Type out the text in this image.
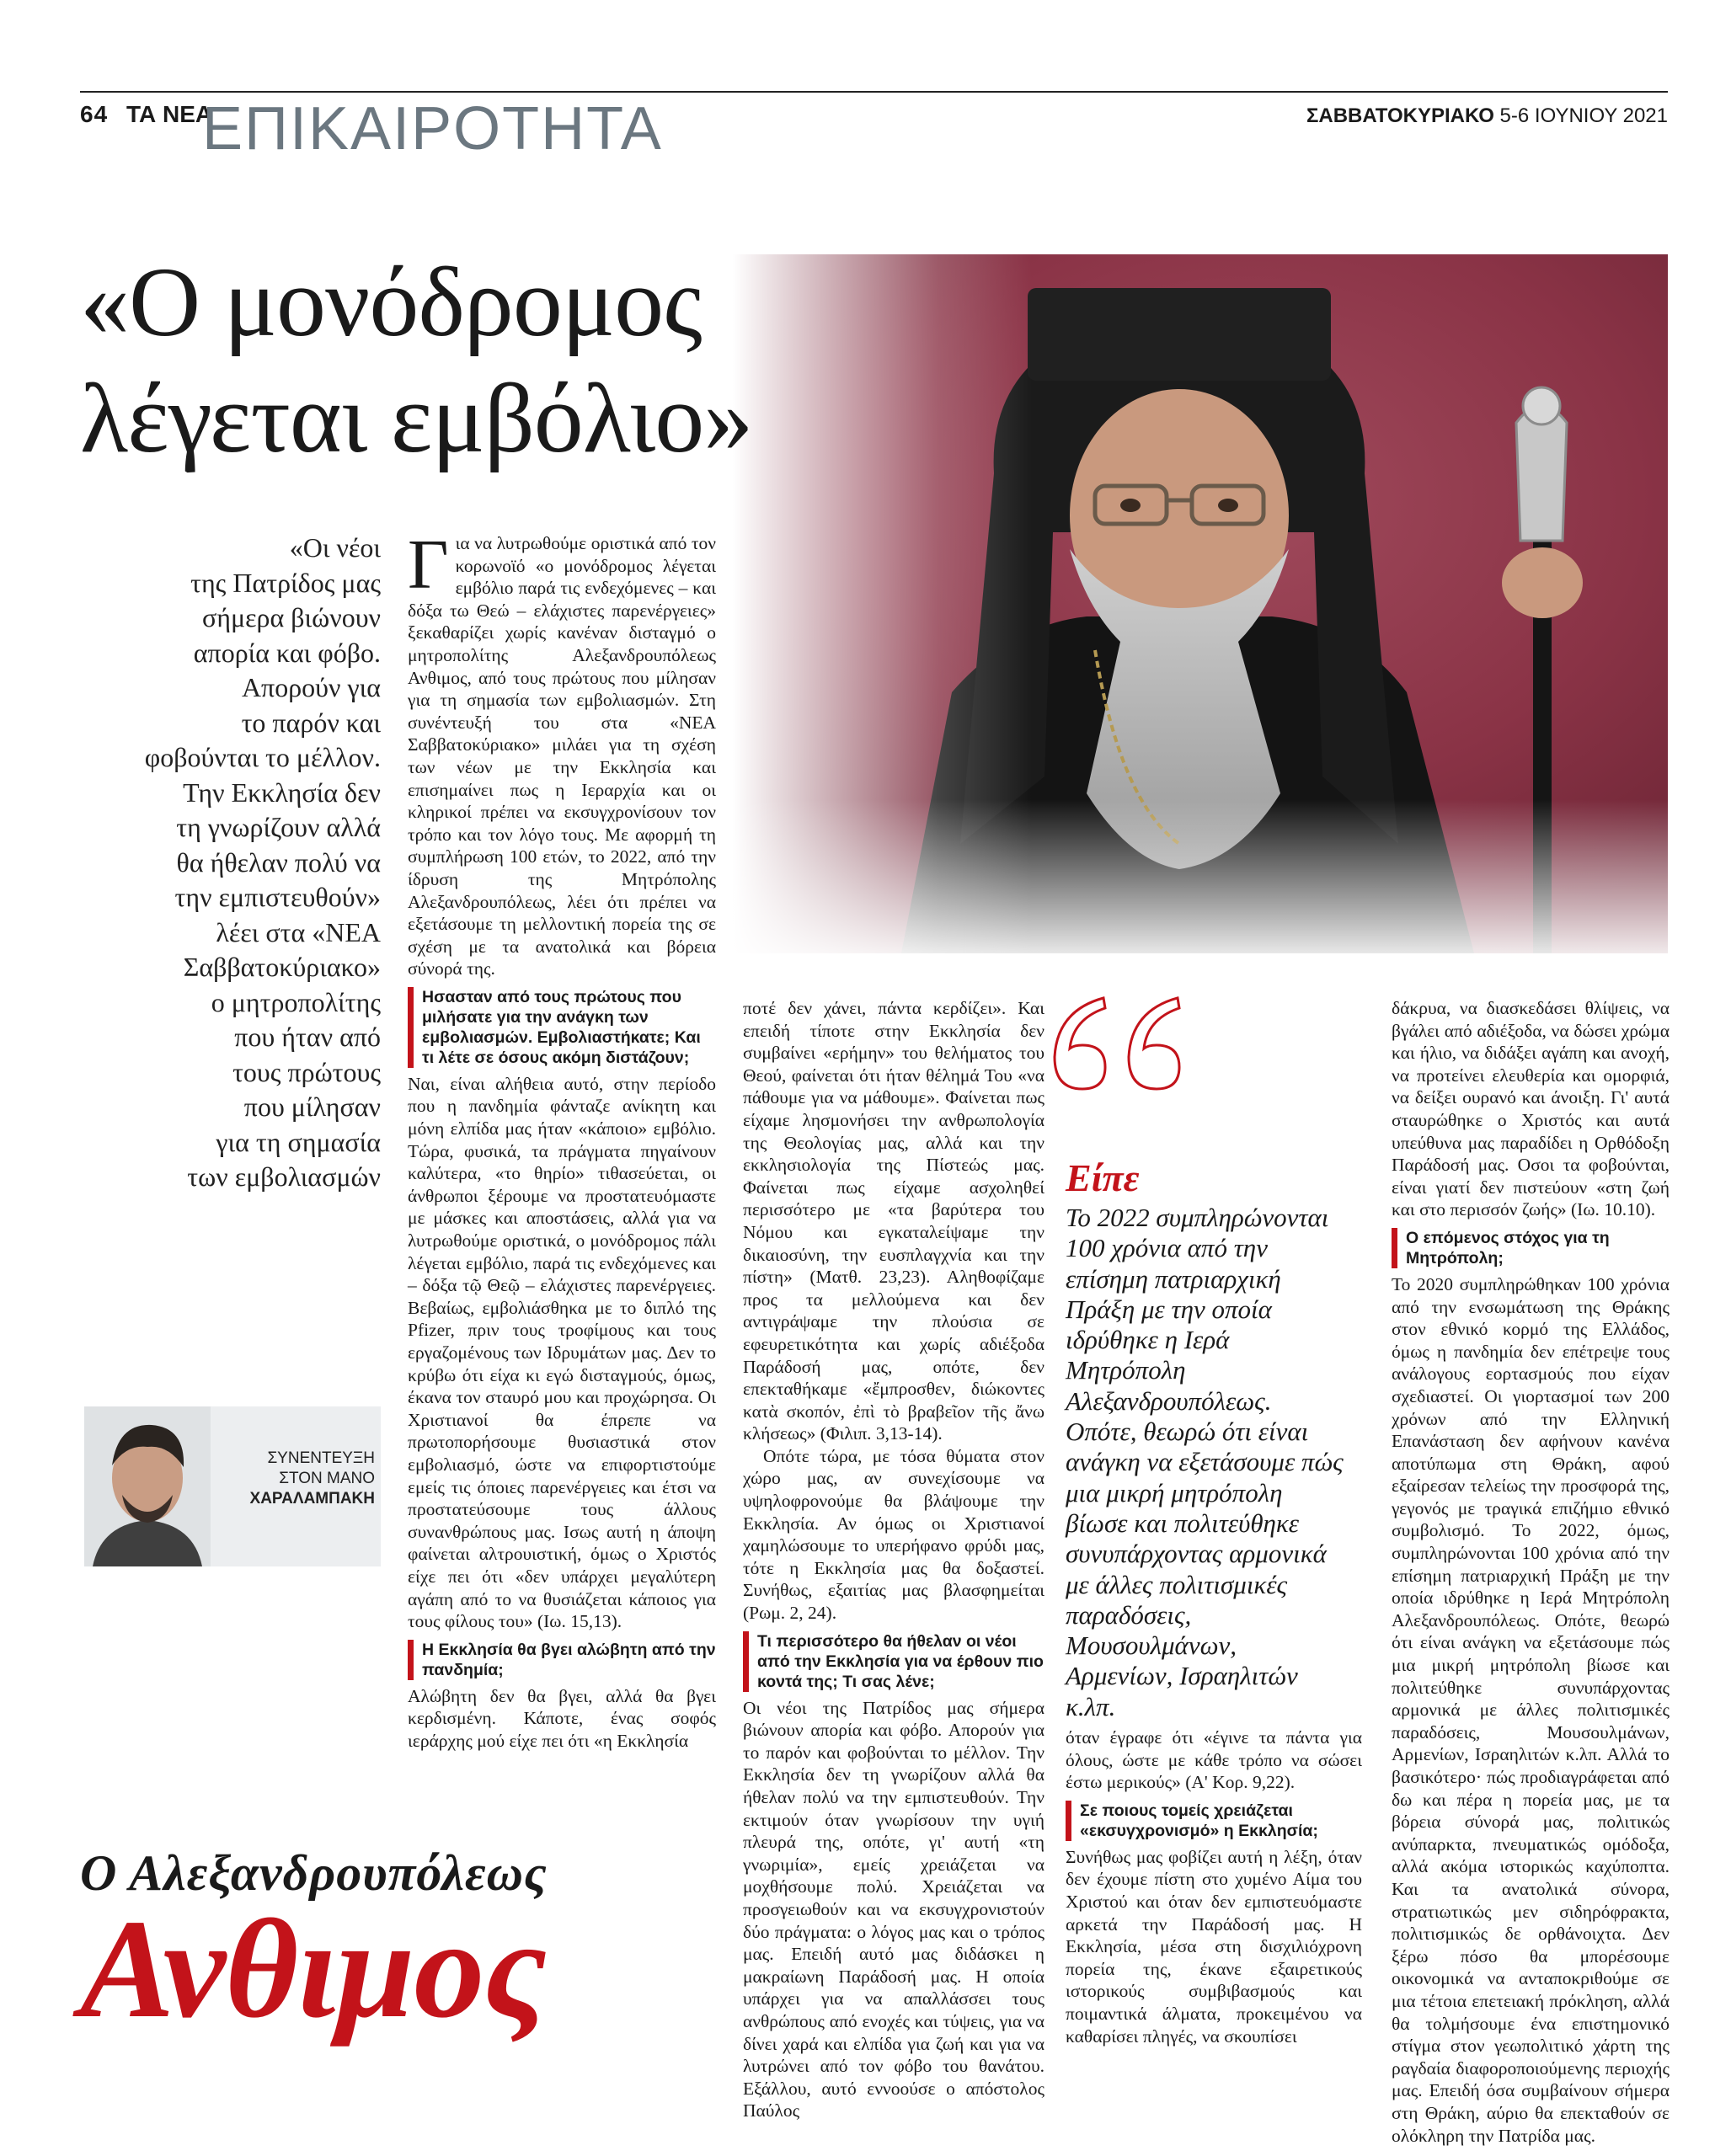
64 ΤΑ ΝΕΑ
ΕΠΙΚΑΙΡΟΤΗΤΑ	ΣΑΒΒΑΤΟΚΥΡΙΑΚΟ 5-6 ΙΟΥΝΙΟΥ 2021
«Ο μονόδρομος
λέγεται εμβόλιο»
«Οι νέοι
της Πατρίδος μας
σήμερα βιώνουν
απορία και φόβο.
Απορούν για
το παρόν και
φοβούνται το μέλλον.
Την Εκκλησία δεν
τη γνωρίζουν αλλά
θα ήθελαν πολύ να
την εμπιστευθούν»
λέει στα «ΝΕΑ
Σαββατοκύριακο»
ο μητροπολίτης
που ήταν από
τους πρώτους
που μίλησαν
για τη σημασία
των εμβολιασμών
ΣΥΝΕΝΤΕΥΞΗ
ΣΤΟΝ ΜΑΝΟ
ΧΑΡΑΛΑΜΠΑΚΗ

Για να λυτρωθούμε οριστικά από τον κορωνοϊό «ο μονόδρομος λέγεται εμβόλιο παρά τις ενδεχόμενες – και δόξα τω Θεώ – ελάχιστες παρενέργειες» ξεκαθαρίζει χωρίς κανέναν δισταγμό ο μητροπολίτης Αλεξανδρουπόλεως Ανθιμος, από τους πρώτους που μίλησαν για τη σημασία των εμβολιασμών. Στη συνέντευξή του στα «ΝΕΑ Σαββατοκύριακο» μιλάει για τη σχέση των νέων με την Εκκλησία και επισημαίνει πως η Ιεραρχία και οι κληρικοί πρέπει να εκσυγχρονίσουν τον τρόπο και τον λόγο τους. Με αφορμή τη συμπλήρωση 100 ετών, το 2022, από την ίδρυση της Μητρόπολης Αλεξανδρουπόλεως, λέει ότι πρέπει να εξετάσουμε τη μελλοντική πορεία της σε σχέση με τα ανατολικά και βόρεια σύνορά της.

Ησασταν από τους πρώτους που μιλήσατε για την ανάγκη των εμβολιασμών. Εμβολιαστήκατε; Και τι λέτε σε όσους ακόμη διστάζουν;

Ναι, είναι αλήθεια αυτό, στην περίοδο που η πανδημία φάνταζε ανίκητη και μόνη ελπίδα μας ήταν «κάποιο» εμβόλιο. Τώρα, φυσικά, τα πράγματα πηγαίνουν καλύτερα, «το θηρίο» τιθασεύεται, οι άνθρωποι ξέρουμε να προστατευόμαστε με μάσκες και αποστάσεις, αλλά για να λυτρωθούμε οριστικά, ο μονόδρομος πάλι λέγεται εμβόλιο, παρά τις ενδεχόμενες και – δόξα τῷ Θεῷ – ελάχιστες παρενέργειες. Βεβαίως, εμβολιάσθηκα με το διπλό της Pfizer, πριν τους τροφίμους και τους εργαζομένους των Ιδρυμάτων μας. Δεν το κρύβω ότι είχα κι εγώ δισταγμούς, όμως, έκανα τον σταυρό μου και προχώρησα. Οι Χριστιανοί θα έπρεπε να πρωτοπορήσουμε θυσιαστικά στον εμβολιασμό, ώστε να επιφορτιστούμε εμείς τις όποιες παρενέργειες και έτσι να προστατεύσουμε τους άλλους συνανθρώπους μας. Ισως αυτή η άποψη φαίνεται αλτρουιστική, όμως ο Χριστός είχε πει ότι «δεν υπάρχει μεγαλύτερη αγάπη από το να θυσιάζεται κάποιος για τους φίλους του» (Ιω. 15,13).

Η Εκκλησία θα βγει αλώβητη από την πανδημία;

Αλώβητη δεν θα βγει, αλλά θα βγει κερδισμένη. Κάποτε, ένας σοφός ιεράρχης μού είχε πει ότι «η Εκκλησία

ποτέ δεν χάνει, πάντα κερδίζει». Και επειδή τίποτε στην Εκκλησία δεν συμβαίνει «ερήμην» του θελήματος του Θεού, φαίνεται ότι ήταν θέλημά Του «να πάθουμε για να μάθουμε». Φαίνεται πως είχαμε λησμονήσει την ανθρωπολογία της Θεολογίας μας, αλλά και την εκκλησιολογία της Πίστεώς μας. Φαίνεται πως είχαμε ασχοληθεί περισσότερο με «τα βαρύτερα του Νόμου και εγκαταλείψαμε την δικαιοσύνη, την ευσπλαγχνία και την πίστη» (Ματθ. 23,23). Αληθοφίζαμε προς τα μελλούμενα και δεν αντιγράψαμε την πλούσια σε εφευρετικότητα και χωρίς αδιέξοδα Παράδοσή μας, οπότε, δεν επεκταθήκαμε «ἔμπροσθεν, διώκοντες κατὰ σκοπόν, ἐπὶ τὸ βραβεῖον τῆς ἄνω κλήσεως» (Φιλιπ. 3,13-14).

Οπότε τώρα, με τόσα θύματα στον χώρο μας, αν συνεχίσουμε να υψηλοφρονούμε θα βλάψουμε την Εκκλησία. Αν όμως οι Χριστιανοί χαμηλώσουμε το υπερήφανο φρύδι μας, τότε η Εκκλησία μας θα δοξαστεί. Συνήθως, εξαιτίας μας βλασφημείται (Ρωμ. 2, 24).

Τι περισσότερο θα ήθελαν οι νέοι από την Εκκλησία για να έρθουν πιο κοντά της; Τι σας λένε;

Οι νέοι της Πατρίδος μας σήμερα βιώνουν απορία και φόβο. Απορούν για το παρόν και φοβούνται το μέλλον. Την Εκκλησία δεν τη γνωρίζουν αλλά θα ήθελαν πολύ να την εμπιστευθούν. Την εκτιμούν όταν γνωρίσουν την υγιή πλευρά της, οπότε, γι' αυτή «τη γνωριμία», εμείς χρειάζεται να μοχθήσουμε πολύ. Χρειάζεται να προσγειωθούν και να εκσυγχρονιστούν δύο πράγματα: ο λόγος μας και ο τρόπος μας. Επειδή αυτό μας διδάσκει η μακραίωνη Παράδοσή μας. Η οποία υπάρχει για να απαλλάσσει τους ανθρώπους από ενοχές και τύψεις, για να δίνει χαρά και ελπίδα για ζωή και για να λυτρώνει από τον φόβο του θανάτου. Εξάλλου, αυτό εννοούσε ο απόστολος Παύλος

Είπε
Το 2022 συμπληρώνονται 100 χρόνια από την επίσημη πατριαρχική Πράξη με την οποία ιδρύθηκε η Ιερά Μητρόπολη Αλεξανδρουπόλεως. Οπότε, θεωρώ ότι είναι ανάγκη να εξετάσουμε πώς μια μικρή μητρόπολη βίωσε και πολιτεύθηκε συνυπάρχοντας αρμονικά με άλλες πολιτισμικές παραδόσεις, Μουσουλμάνων, Αρμενίων, Ισραηλιτών κ.λπ.

όταν έγραφε ότι «έγινε τα πάντα για όλους, ώστε με κάθε τρόπο να σώσει έστω μερικούς» (Α' Κορ. 9,22).

Σε ποιους τομείς χρειάζεται «εκσυγχρονισμό» η Εκκλησία;

Συνήθως μας φοβίζει αυτή η λέξη, όταν δεν έχουμε πίστη στο χυμένο Αίμα του Χριστού και όταν δεν εμπιστευόμαστε αρκετά την Παράδοσή μας. Η Εκκλησία, μέσα στη δισχιλιόχρονη πορεία της, έκανε εξαιρετικούς ιστορικούς συμβιβασμούς και ποιμαντικά άλματα, προκειμένου να καθαρίσει πληγές, να σκουπίσει

δάκρυα, να διασκεδάσει θλίψεις, να βγάλει από αδιέξοδα, να δώσει χρώμα και ήλιο, να διδάξει αγάπη και ανοχή, να προτείνει ελευθερία και ομορφιά, να δείξει ουρανό και άνοιξη. Γι' αυτά σταυρώθηκε ο Χριστός και αυτά υπεύθυνα μας παραδίδει η Ορθόδοξη Παράδοσή μας. Οσοι τα φοβούνται, είναι γιατί δεν πιστεύουν «στη ζωή και στο περισσόν ζωής» (Ιω. 10.10).

Ο επόμενος στόχος για τη Μητρόπολη;

Το 2020 συμπληρώθηκαν 100 χρόνια από την ενσωμάτωση της Θράκης στον εθνικό κορμό της Ελλάδος, όμως η πανδημία δεν επέτρεψε τους ανάλογους εορτασμούς που είχαν σχεδιαστεί. Οι γιορτασμοί των 200 χρόνων από την Ελληνική Επανάσταση δεν αφήνουν κανένα αποτύπωμα στη Θράκη, αφού εξαίρεσαν τελείως την προσφορά της, γεγονός με τραγικά επιζήμιο εθνικό συμβολισμό. Το 2022, όμως, συμπληρώνονται 100 χρόνια από την επίσημη πατριαρχική Πράξη με την οποία ιδρύθηκε η Ιερά Μητρόπολη Αλεξανδρουπόλεως. Οπότε, θεωρώ ότι είναι ανάγκη να εξετάσουμε πώς μια μικρή μητρόπολη βίωσε και πολιτεύθηκε συνυπάρχοντας αρμονικά με άλλες πολιτισμικές παραδόσεις, Μουσουλμάνων, Αρμενίων, Ισραηλιτών κ.λπ. Αλλά το βασικότερο· πώς προδιαγράφεται από δω και πέρα η πορεία μας, με τα βόρεια σύνορά μας, πολιτικώς ανύπαρκτα, πνευματικώς ομόδοξα, αλλά ακόμα ιστορικώς καχύποπτα. Και τα ανατολικά σύνορα, στρατιωτικώς μεν σιδηρόφρακτα, πολιτισμικώς δε ορθάνοιχτα. Δεν ξέρω πόσο θα μπορέσουμε οικονομικά να ανταποκριθούμε σε μια τέτοια επετειακή πρόκληση, αλλά θα τολμήσουμε ένα επιστημονικό στίγμα στον γεωπολιτικό χάρτη της ραγδαία διαφοροποιούμενης περιοχής μας. Επειδή όσα συμβαίνουν σήμερα στη Θράκη, αύριο θα επεκταθούν σε ολόκληρη την Πατρίδα μας.

Ο Αλεξανδρουπόλεως
Ανθιμος
